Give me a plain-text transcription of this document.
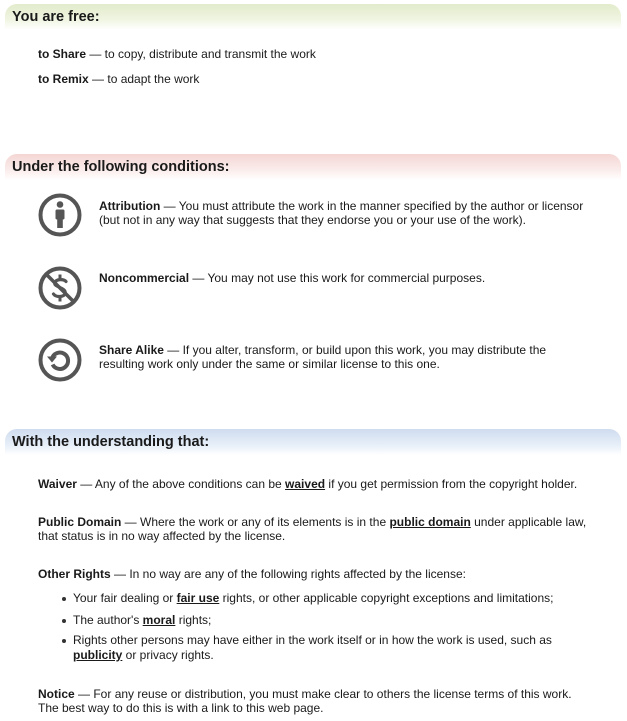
You are free:
to Share — to copy, distribute and transmit the work
to Remix — to adapt the work
Under the following conditions:
Attribution — You must attribute the work in the manner specified by the author or licensor
(but not in any way that suggests that they endorse you or your use of the work).
Noncommercial — You may not use this work for commercial purposes.
Share Alike — If you alter, transform, or build upon this work, you may distribute the
resulting work only under the same or similar license to this one.
With the understanding that:
Waiver — Any of the above conditions can be waived if you get permission from the copyright holder.
Public Domain — Where the work or any of its elements is in the public domain under applicable law,
that status is in no way affected by the license.
Other Rights — In no way are any of the following rights affected by the license:
Your fair dealing or fair use rights, or other applicable copyright exceptions and limitations;
The author's moral rights;
Rights other persons may have either in the work itself or in how the work is used, such as
publicity or privacy rights.
Notice — For any reuse or distribution, you must make clear to others the license terms of this work.
The best way to do this is with a link to this web page.
